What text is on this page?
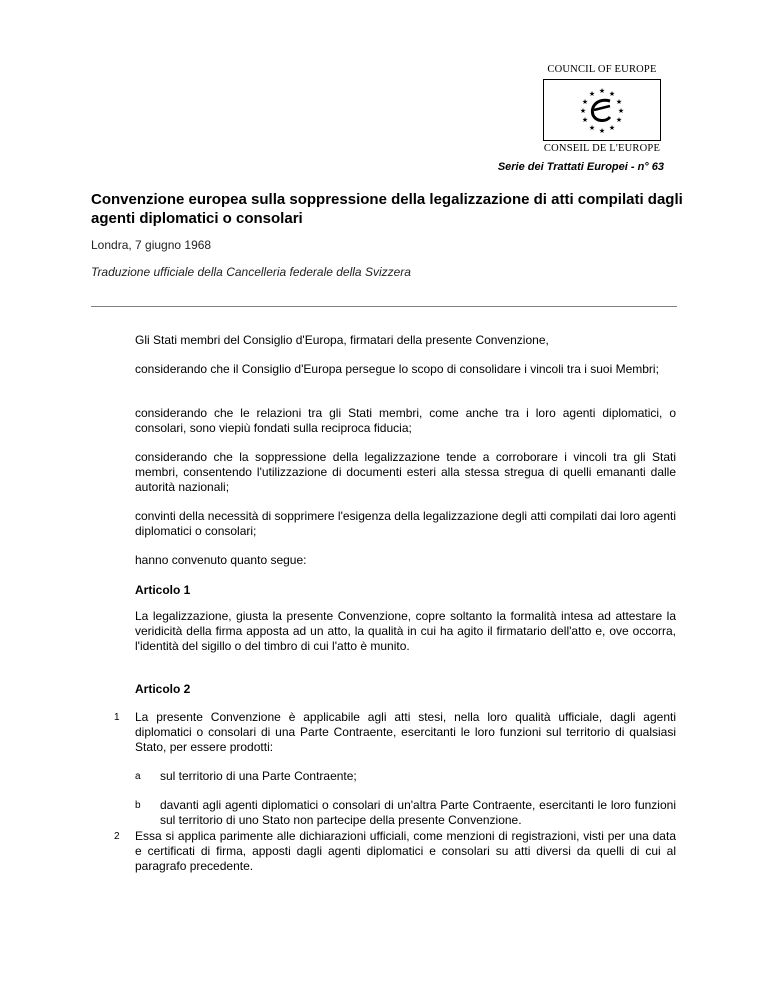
COUNCIL OF EUROPE
★ ★
★
★
★
★
★
★
★
★
★
★
CONSEIL DE L'EUROPE
Serie dei Trattati Europei - n° 63
Convenzione europea sulla soppressione della legalizzazione di atti compilati dagli agenti diplomatici o consolari
Londra, 7 giugno 1968
Traduzione ufficiale della Cancelleria federale della Svizzera
Gli Stati membri del Consiglio d'Europa, firmatari della presente Convenzione,
considerando che il Consiglio d'Europa persegue lo scopo di consolidare i vincoli tra i suoi Membri;
considerando che le relazioni tra gli Stati membri, come anche tra i loro agenti diplomatici, o consolari, sono viepiù fondati sulla reciproca fiducia;
considerando che la soppressione della legalizzazione tende a corroborare i vincoli tra gli Stati membri, consentendo l'utilizzazione di documenti esteri alla stessa stregua di quelli emananti dalle autorità nazionali;
convinti della necessità di sopprimere l'esigenza della legalizzazione degli atti compilati dai loro agenti diplomatici o consolari;
hanno convenuto quanto segue:
Articolo 1
La legalizzazione, giusta la presente Convenzione, copre soltanto la formalità intesa ad attestare la veridicità della firma apposta ad un atto, la qualità in cui ha agito il firmatario dell'atto e, ove occorra, l'identità del sigillo o del timbro di cui l'atto è munito.
Articolo 2
1 La presente Convenzione è applicabile agli atti stesi, nella loro qualità ufficiale, dagli agenti diplomatici o consolari di una Parte Contraente, esercitanti le loro funzioni sul territorio di qualsiasi Stato, per essere prodotti:
a sul territorio di una Parte Contraente;
b davanti agli agenti diplomatici o consolari di un'altra Parte Contraente, esercitanti le loro funzioni sul territorio di uno Stato non partecipe della presente Convenzione.
2 Essa si applica parimente alle dichiarazioni ufficiali, come menzioni di registrazioni, visti per una data e certificati di firma, apposti dagli agenti diplomatici e consolari su atti diversi da quelli di cui al paragrafo precedente.
